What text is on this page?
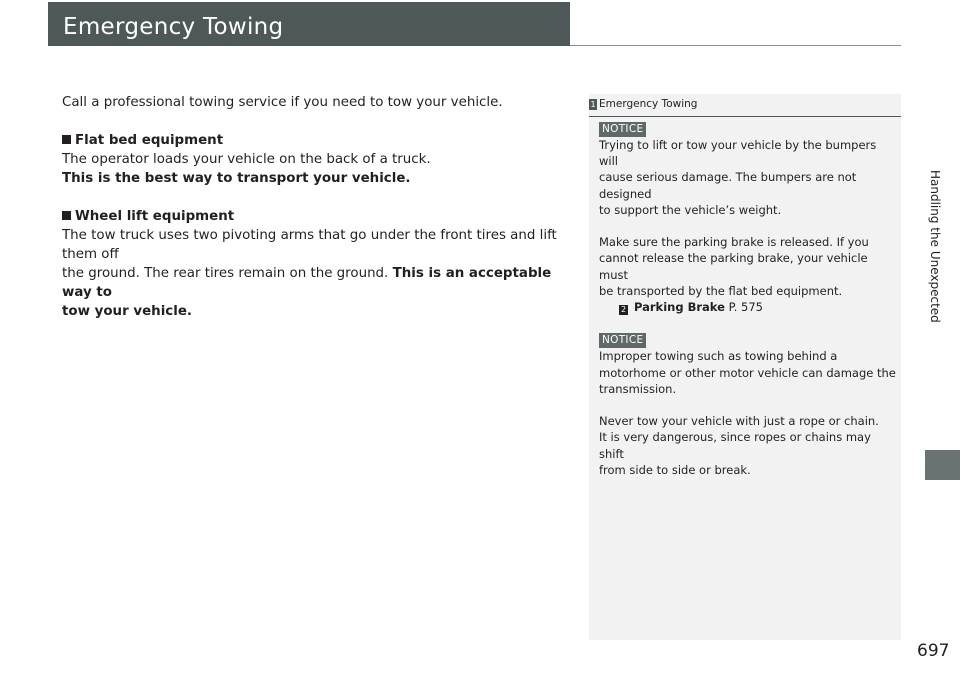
Emergency Towing

Call a professional towing service if you need to tow your vehicle.

Flat bed equipment

The operator loads your vehicle on the back of a truck.

This is the best way to transport your vehicle.

Wheel lift equipment

The tow truck uses two pivoting arms that go under the front tires and lift them off

the ground. The rear tires remain on the ground. This is an acceptable way to

tow your vehicle.

1 Emergency Towing

NOTICE

Trying to lift or tow your vehicle by the bumpers will

cause serious damage. The bumpers are not designed

to support the vehicle’s weight.

Make sure the parking brake is released. If you

cannot release the parking brake, your vehicle must

be transported by the flat bed equipment.

2 Parking Brake P. 575

NOTICE

Improper towing such as towing behind a

motorhome or other motor vehicle can damage the

transmission.

Never tow your vehicle with just a rope or chain.

It is very dangerous, since ropes or chains may shift

from side to side or break.

Handling the Unexpected
697
